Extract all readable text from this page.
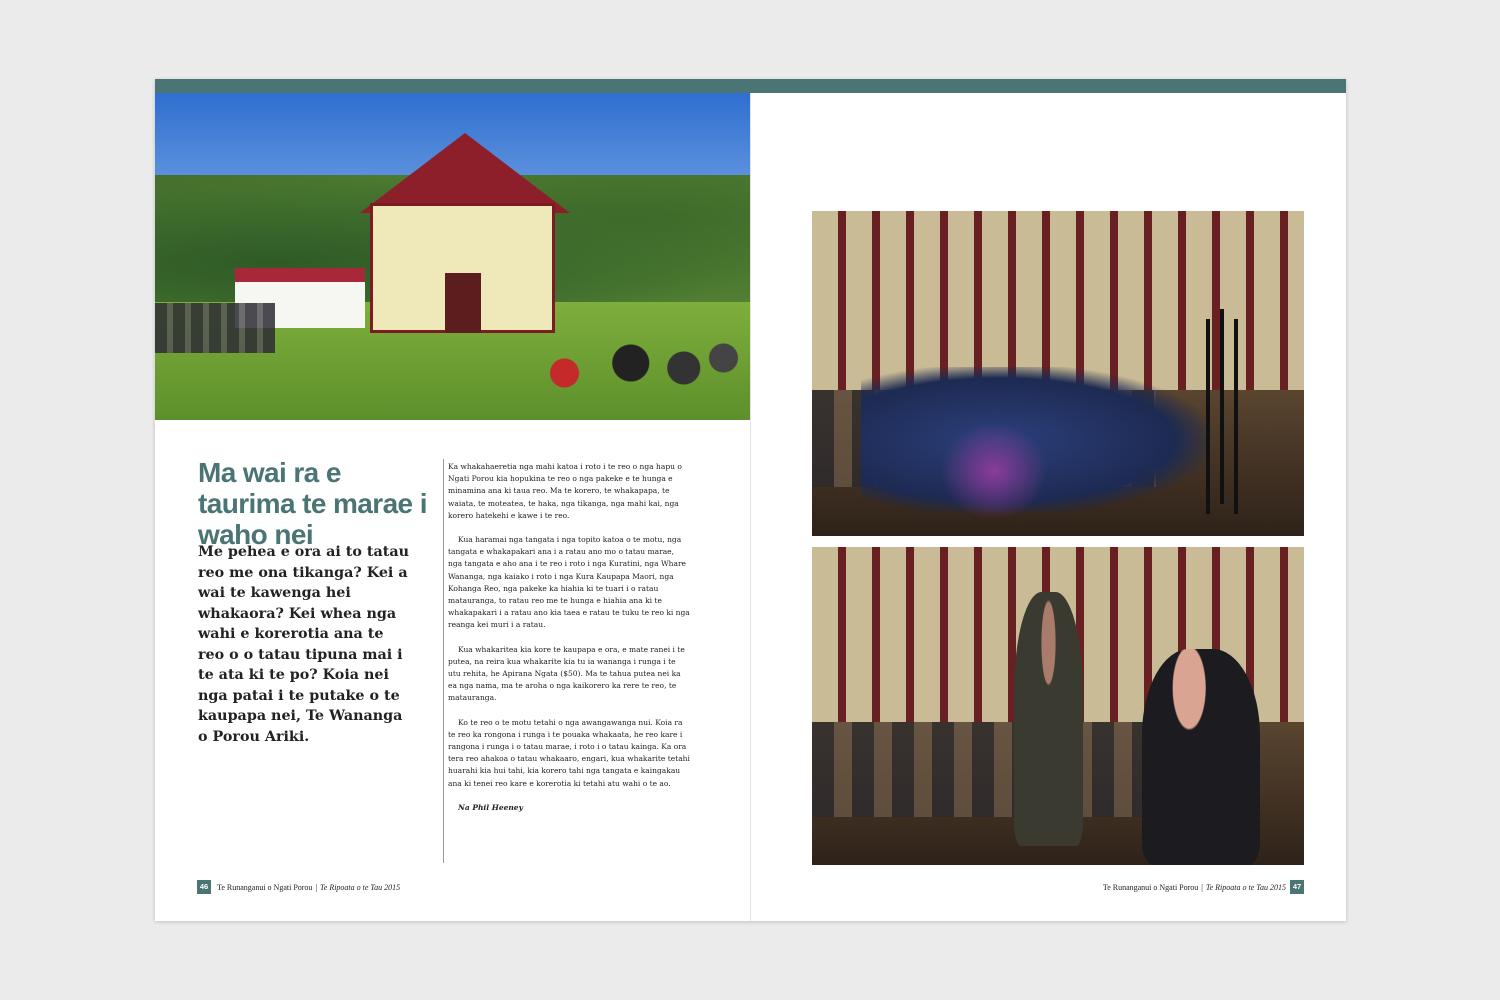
Ma wai ra e taurima te marae i waho nei
Me pehea e ora ai to tatau reo me ona tikanga? Kei a wai te kawenga hei whakaora? Kei whea nga wahi e korerotia ana te reo o o tatau tipuna mai i te ata ki te po? Koia nei nga patai i te putake o te kaupapa nei, Te Wananga o Porou Ariki.

Ka whakahaeretia nga mahi katoa i roto i te reo o nga hapu o Ngati Porou kia hopukina te reo o nga pakeke e te hunga e minamina ana ki taua reo. Ma te korero, te whakapapa, te waiata, te moteatea, te haka, nga tikanga, nga mahi kai, nga korero hatekehi e kawe i te reo.

Kua haramai nga tangata i nga topito katoa o te motu, nga tangata e whakapakari ana i a ratau ano mo o tatau marae, nga tangata e aho ana i te reo i roto i nga Kuratini, nga Whare Wananga, nga kaiako i roto i nga Kura Kaupapa Maori, nga Kohanga Reo, nga pakeke ka hiahia ki te tuari i o ratau matauranga, to ratau reo me te hunga e hiahia ana ki te whakapakari i a ratau ano kia taea e ratau te tuku te reo ki nga reanga kei muri i a ratau.

Kua whakaritea kia kore te kaupapa e ora, e mate ranei i te putea, na reira kua whakarite kia tu ia wananga i runga i te utu rehita, he Apirana Ngata ($50). Ma te tahua putea nei ka ea nga nama, ma te aroha o nga kaikorero ka rere te reo, te matauranga.

Ko te reo o te motu tetahi o nga awangawanga nui. Koia ra te reo ka rongona i runga i te pouaka whakaata, he reo kare i rangona i runga i o tatau marae, i roto i o tatau kainga. Ka ora tera reo ahakoa o tatau whakaaro, engari, kua whakarite tetahi huarahi kia hui tahi, kia korero tahi nga tangata e kaingakau ana ki tenei reo kare e korerotia ki tetahi atu wahi o te ao.

Na Phil Heeney

46	Te Runanganui o Ngati Porou | Te Ripoata o te Tau 2015	Te Runanganui o Ngati Porou | Te Ripoata o te Tau 2015 47
